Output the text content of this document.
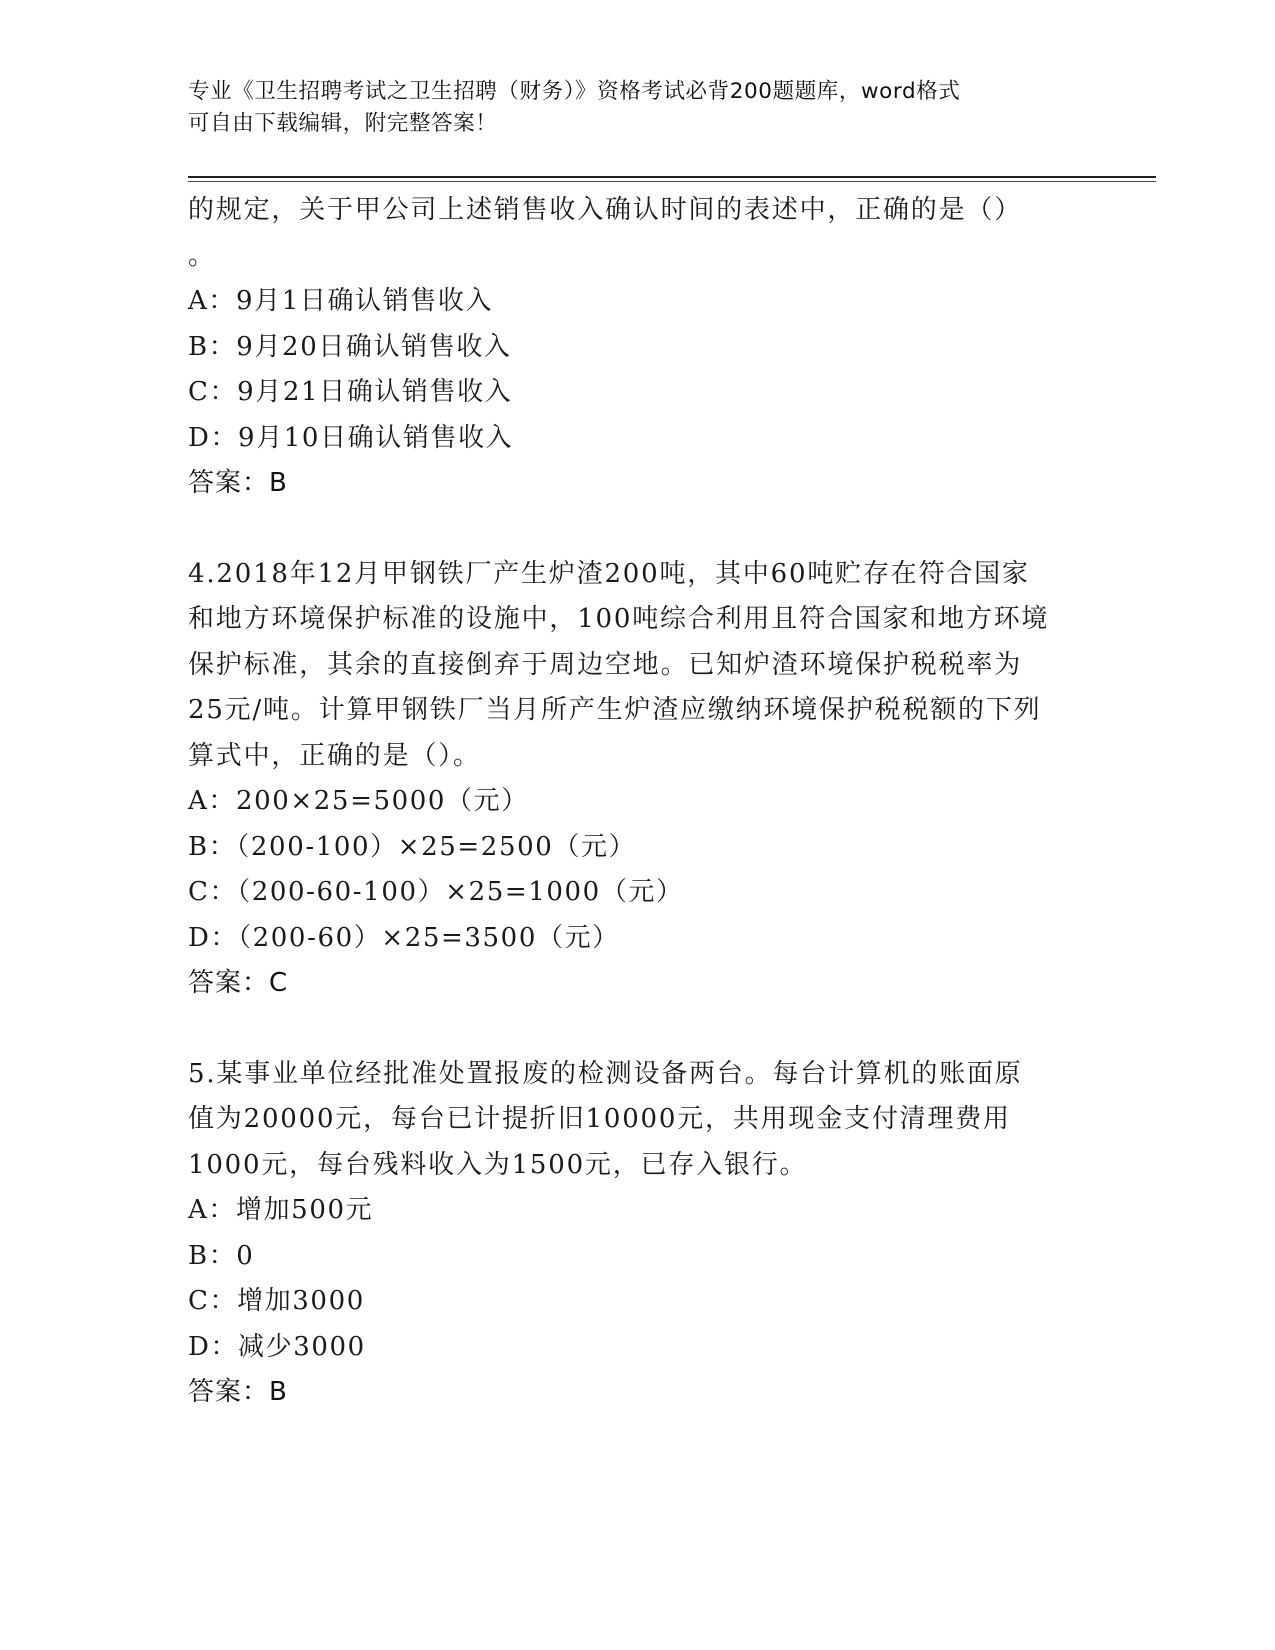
专业《卫生招聘考试之卫生招聘（财务）》资格考试必背200题题库，word格式
可自由下载编辑，附完整答案！
的规定，关于甲公司上述销售收入确认时间的表述中，正确的是（）
。
A：9月1日确认销售收入
B：9月20日确认销售收入
C：9月21日确认销售收入
D：9月10日确认销售收入
答案：B
4.2018年12月甲钢铁厂产生炉渣200吨，其中60吨贮存在符合国家
和地方环境保护标准的设施中，100吨综合利用且符合国家和地方环境
保护标准，其余的直接倒弃于周边空地。已知炉渣环境保护税税率为
25元/吨。计算甲钢铁厂当月所产生炉渣应缴纳环境保护税税额的下列
算式中，正确的是（）。
A：200×25=5000（元）
B：（200-100）×25=2500（元）
C：（200-60-100）×25=1000（元）
D：（200-60）×25=3500（元）
答案：C
5.某事业单位经批准处置报废的检测设备两台。每台计算机的账面原
值为20000元，每台已计提折旧10000元，共用现金支付清理费用
1000元，每台残料收入为1500元，已存入银行。
A：增加500元
B：0
C：增加3000
D：减少3000
答案：B
